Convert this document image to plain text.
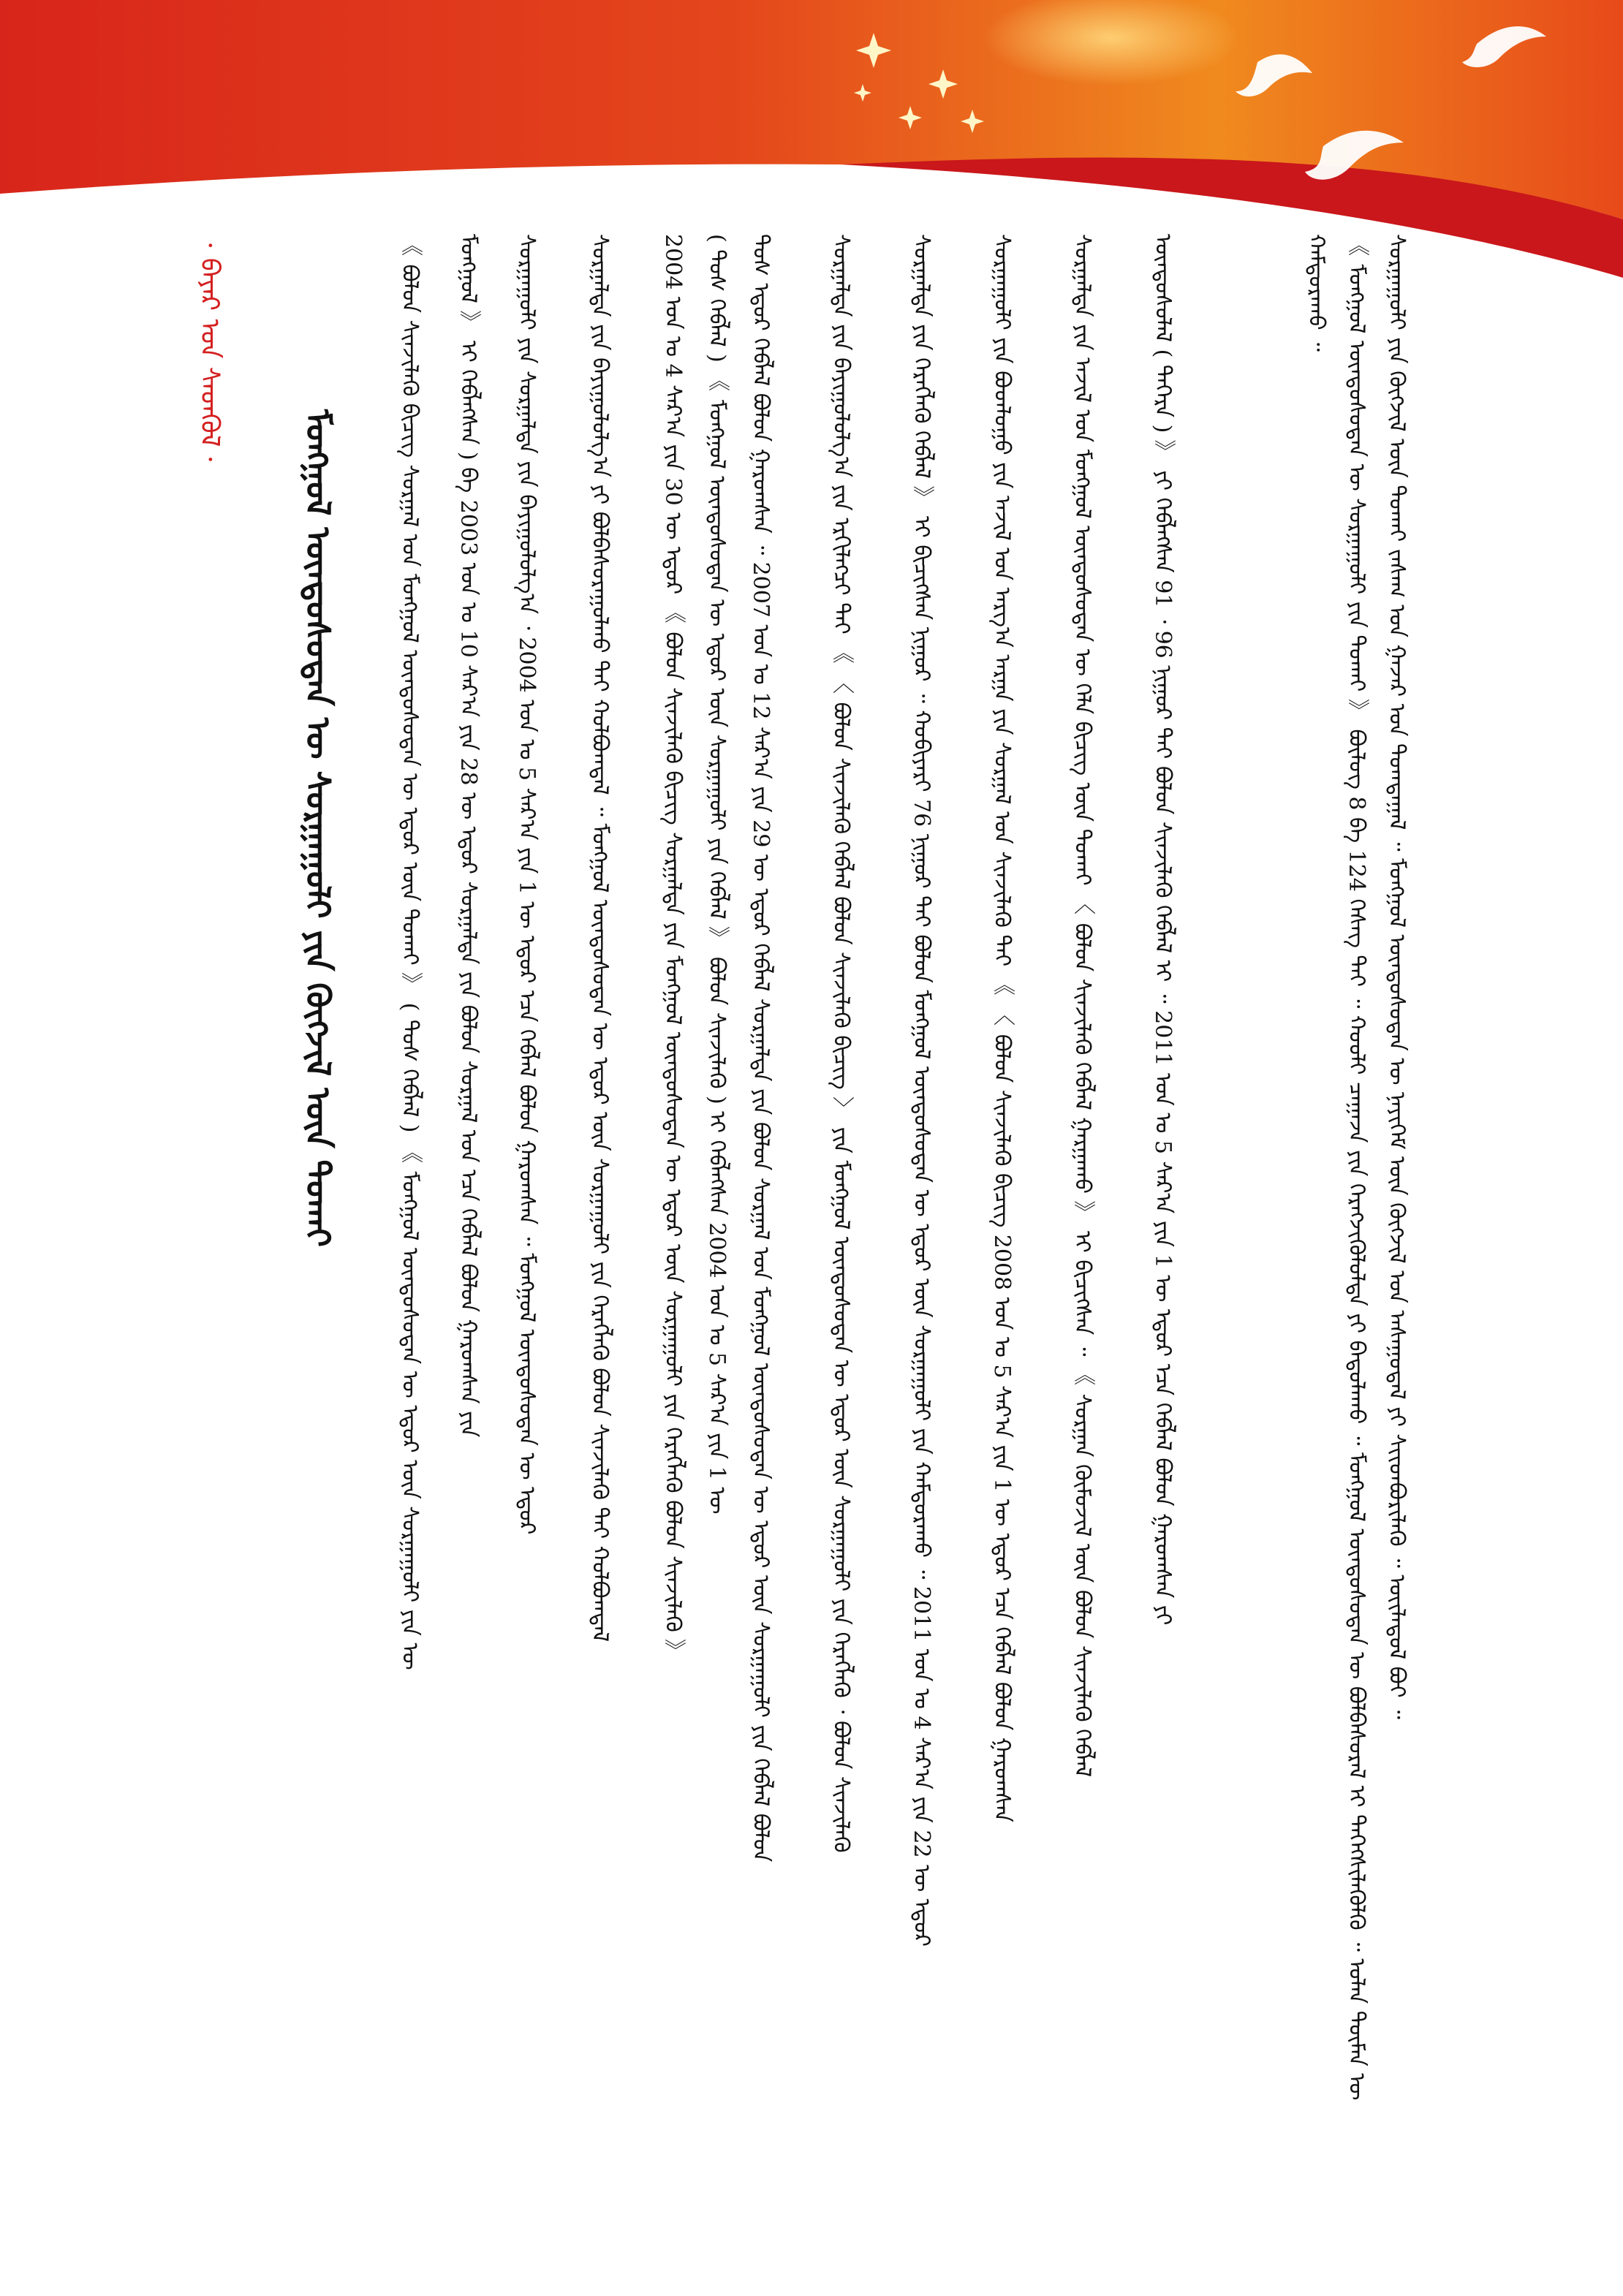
ᠰᠤᠷᠭᠠᠭᠤᠯᠢ ᠶᠢᠨ ᠬᠥᠭᠵᠢᠯ ᠦᠨ ᠲᠤᠬᠠᠢ ᠵᠠᠰᠠᠭ ᠤᠨ ᠭᠠᠵᠠᠷ ᠤᠨ ᠲᠤᠭᠳᠠᠭᠠᠯ ᠃ ᠮᠣᠩᠭᠣᠯ ᠦᠨᠳᠦᠰᠦᠲᠡᠨ ᠦ ᠨᠡᠶᠢᠭᠡᠮ ᠦᠨ ᠬᠥᠭᠵᠢᠯ ᠤᠨ ᠠᠰᠠᠭᠤᠳᠠᠯ ᠶᠢ ᠰᠢᠢᠳᠪᠦᠷᠢᠯᠡᠬᠦ ᠃ ᠦᠢᠯᠡᠳᠦᠯ ᠪᠤᠢ ᠃
《 ᠮᠣᠩᠭᠣᠯ ᠦᠨᠳᠦᠰᠦᠲᠡᠨ ᠦ ᠰᠤᠷᠭᠠᠭᠤᠯᠢ ᠶᠢᠨ ᠲᠤᠬᠠᠢ 》 ᠪᠦᠯᠦᠭ 8 ᠪᠠ 124 ᠬᠡᠰᠡᠭ ᠲᠠᠢ ᠃ ᠬᠤᠤᠯᠢ ᠴᠠᠭᠠᠵᠠ ᠶᠢᠨ ᠬᠡᠷᠡᠭᠵᠢᠭᠦᠯᠦᠯᠲᠡ ᠶᠢ ᠪᠠᠲᠤᠯᠠᠬᠤ ᠃ ᠮᠣᠩᠭᠣᠯ ᠦᠨᠳᠦᠰᠦᠲᠡᠨ ᠦ ᠪᠣᠯᠪᠠᠰᠤᠷᠠᠯ ᠢ ᠳᠡᠭᠡᠭᠰᠢᠯᠡᠭᠦᠯᠬᠦ ᠃ ᠣᠯᠠᠨ ᠲᠦᠮᠡᠨ ᠦ
ᠬᠠᠮᠲᠤᠷᠠᠬᠤ ᠃
ᠦᠨᠳᠦᠰᠦᠯᠡᠯ ( ᠳᠡᠭᠡᠷᠡ ) 》 ᠶᠢ ᠬᠡᠪᠯᠡᠭᠰᠡᠨ 91 ᠂ 96 ᠨᠢᠭᠤᠷ ᠲᠠᠢ ᠪᠣᠯᠤᠨ ᠰᠢᠨᠵᠢᠯᠡᠬᠦ ᠬᠡᠪᠯᠡᠯ ᠢ ᠃ 2011 ᠣᠨ ᠤ 5 ᠰᠠᠷ᠎ᠠ ᠶᠢᠨ 1 ᠦ ᠡᠳᠦᠷ ᠡᠴᠡ ᠬᠡᠪᠯᠡᠯ ᠪᠣᠯᠤᠨ ᠭᠠᠷᠤᠭᠰᠠᠨ ᠶᠢ
ᠰᠤᠷᠭᠠᠯᠲᠠ ᠶᠢᠨ ᠠᠵᠢᠯ ᠤᠨ ᠮᠣᠩᠭᠣᠯ ᠦᠨᠳᠦᠰᠦᠲᠡᠨ ᠦ ᠬᠡᠯᠡ ᠪᠢᠴᠢᠭ ᠦᠨ ᠲᠤᠬᠠᠢ 〈 ᠪᠣᠯᠤᠨ ᠰᠢᠨᠵᠢᠯᠡᠬᠦ ᠬᠡᠪᠯᠡᠯ ᠭᠠᠷᠭᠠᠬᠤ 》 ᠢ ᠪᠢᠴᠢᠭᠰᠡᠨ ᠃ 《 ᠰᠤᠷᠭᠠᠨ ᠬᠦᠮᠦᠵᠢᠯ ᠦᠨ ᠪᠣᠯᠤᠨ ᠰᠢᠨᠵᠢᠯᠡᠬᠦ ᠬᠡᠪᠯᠡᠯ
ᠰᠤᠷᠭᠠᠭᠤᠯᠢ ᠶᠢᠨ ᠪᠣᠳᠯᠣᠭᠣ ᠶᠢᠨ ᠠᠵᠢᠯ ᠤᠨ ᠠᠷᠭ᠎ᠠ ᠠᠷᠭᠠ ᠶᠢᠨ ᠰᠤᠷᠭᠠᠯ ᠤᠨ ᠰᠢᠨᠵᠢᠯᠡᠬᠦ ᠲᠠᠢ 《 〈 ᠪᠣᠯᠤᠨ ᠰᠢᠨᠵᠢᠯᠡᠬᠦ ᠪᠢᠴᠢᠭ 2008 ᠣᠨ ᠤ 5 ᠰᠠᠷ᠎ᠠ ᠶᠢᠨ 1 ᠦ ᠡᠳᠦᠷ ᠡᠴᠡ ᠬᠡᠪᠯᠡᠯ ᠪᠣᠯᠤᠨ ᠭᠠᠷᠤᠭᠰᠠᠨ
ᠰᠤᠷᠭᠠᠯᠲᠠ ᠶᠢᠨ ᠬᠡᠷᠡᠭᠯᠡᠬᠦ ᠬᠡᠪᠯᠡᠯ 》 ᠢ ᠪᠢᠴᠢᠭᠰᠡᠨ ᠨᠢᠭᠤᠷ ᠃ ᠬᠤᠪᠢᠶᠠᠷᠢ 76 ᠨᠢᠭᠤᠷ ᠲᠠᠢ ᠪᠣᠯᠤᠨ ᠮᠣᠩᠭᠣᠯ ᠦᠨᠳᠦᠰᠦᠲᠡᠨ ᠦ ᠡᠳᠦᠷ ᠦᠨ ᠰᠤᠷᠭᠠᠭᠤᠯᠢ ᠶᠢᠨ ᠬᠠᠮᠲᠤᠷᠠᠬᠤ ᠃ 2011 ᠣᠨ ᠤ 4 ᠰᠠᠷ᠎ᠠ ᠶᠢᠨ 22 ᠦ ᠡᠳᠦᠷ
ᠰᠤᠷᠭᠠᠯᠲᠠ ᠶᠢᠨ ᠪᠠᠶᠢᠭᠤᠯᠤᠯᠭ᠎ᠠ ᠶᠢᠨ ᠡᠷᠬᠢᠯᠡᠭᠴᠢ ᠲᠠᠢ 《 〈 ᠪᠣᠯᠤᠨ ᠰᠢᠨᠵᠢᠯᠡᠬᠦ ᠬᠡᠪᠯᠡᠯ ᠪᠣᠯᠤᠨ ᠰᠢᠨᠵᠢᠯᠡᠬᠦ ᠪᠢᠴᠢᠭ 〉 ᠶᠢᠨ ᠮᠣᠩᠭᠣᠯ ᠦᠨᠳᠦᠰᠦᠲᠡᠨ ᠦ ᠡᠳᠦᠷ ᠦᠨ ᠰᠤᠷᠭᠠᠭᠤᠯᠢ ᠶᠢᠨ ᠬᠡᠷᠡᠭᠯᠡᠬᠦ ᠂ ᠪᠣᠯᠤᠨ ᠰᠢᠨᠵᠢᠯᠡᠬᠦ
ᠲᠤᠰ ᠡᠳᠦᠷ ᠬᠡᠪᠯᠡᠯ ᠪᠣᠯᠤᠨ ᠭᠠᠷᠤᠭᠰᠠᠨ ᠃ 2007 ᠣᠨ ᠤ 12 ᠰᠠᠷ᠎ᠠ ᠶᠢᠨ 29 ᠦ ᠡᠳᠦᠷ ᠬᠡᠪᠯᠡᠯ ᠰᠤᠷᠭᠠᠯᠲᠠ ᠶᠢᠨ ᠪᠣᠯᠤᠨ ᠰᠤᠷᠭᠠᠯ ᠤᠨ ᠮᠣᠩᠭᠣᠯ ᠦᠨᠳᠦᠰᠦᠲᠡᠨ ᠦ ᠡᠳᠦᠷ ᠦᠨ ᠰᠤᠷᠭᠠᠭᠤᠯᠢ ᠶᠢᠨ ᠬᠡᠪᠯᠡᠯ ᠪᠣᠯᠤᠨ
( ᠲᠤᠰ ᠬᠡᠪᠯᠡᠯ ) 《 ᠮᠣᠩᠭᠣᠯ ᠦᠨᠳᠦᠰᠦᠲᠡᠨ ᠦ ᠡᠳᠦᠷ ᠦᠨ ᠰᠤᠷᠭᠠᠭᠤᠯᠢ ᠶᠢᠨ ᠬᠡᠪᠯᠡᠯ 》 ᠪᠣᠯᠤᠨ ᠰᠢᠨᠵᠢᠯᠡᠬᠦ ) ᠢ ᠬᠡᠪᠯᠡᠭᠰᠡᠨ 2004 ᠣᠨ ᠤ 5 ᠰᠠᠷ᠎ᠠ ᠶᠢᠨ 1 ᠦ
2004 ᠣᠨ ᠤ 4 ᠰᠠᠷ᠎ᠠ ᠶᠢᠨ 30 ᠦ ᠡᠳᠦᠷ 《 ᠪᠣᠯᠤᠨ ᠰᠢᠨᠵᠢᠯᠡᠬᠦ ᠪᠢᠴᠢᠭ ᠰᠤᠷᠭᠠᠯᠲᠠ ᠶᠢᠨ ᠮᠣᠩᠭᠣᠯ ᠦᠨᠳᠦᠰᠦᠲᠡᠨ ᠦ ᠡᠳᠦᠷ ᠦᠨ ᠰᠤᠷᠭᠠᠭᠤᠯᠢ ᠶᠢᠨ ᠬᠡᠷᠡᠭᠯᠡᠬᠦ ᠪᠣᠯᠤᠨ ᠰᠢᠨᠵᠢᠯᠡᠬᠦ 》
ᠰᠤᠷᠭᠠᠯᠲᠠ ᠶᠢᠨ ᠪᠠᠶᠢᠭᠤᠯᠤᠯᠭ᠎ᠠ ᠶᠢ ᠪᠣᠯᠪᠠᠰᠤᠷᠠᠭᠤᠯᠬᠤ ᠲᠠᠢ ᠬᠣᠯᠪᠣᠭᠳᠠᠯ ᠃ ᠮᠣᠩᠭᠣᠯ ᠦᠨᠳᠦᠰᠦᠲᠡᠨ ᠦ ᠡᠳᠦᠷ ᠦᠨ ᠰᠤᠷᠭᠠᠭᠤᠯᠢ ᠶᠢᠨ ᠬᠡᠷᠡᠭᠯᠡᠬᠦ ᠪᠣᠯᠤᠨ ᠰᠢᠨᠵᠢᠯᠡᠬᠦ ᠲᠠᠢ ᠬᠣᠯᠪᠣᠭᠳᠠᠯ
ᠰᠤᠷᠭᠠᠭᠤᠯᠢ ᠶᠢᠨ ᠰᠤᠷᠭᠠᠯᠲᠠ ᠶᠢᠨ ᠪᠠᠶᠢᠭᠤᠯᠤᠯᠭ᠎ᠠ ᠂ 2004 ᠣᠨ ᠤ 5 ᠰᠠᠷ᠎ᠠ ᠶᠢᠨ 1 ᠦ ᠡᠳᠦᠷ ᠡᠴᠡ ᠬᠡᠪᠯᠡᠯ ᠪᠣᠯᠤᠨ ᠭᠠᠷᠤᠭᠰᠠᠨ ᠃ ᠮᠣᠩᠭᠣᠯ ᠦᠨᠳᠦᠰᠦᠲᠡᠨ ᠦ ᠡᠳᠦᠷ
ᠮᠣᠩᠭᠣᠯ 》 ᠢ ᠬᠡᠪᠯᠡᠭᠰᠡᠨ ) ᠪᠠ 2003 ᠣᠨ ᠤ 10 ᠰᠠᠷ᠎ᠠ ᠶᠢᠨ 28 ᠦ ᠡᠳᠦᠷ ᠰᠤᠷᠭᠠᠯᠲᠠ ᠶᠢᠨ ᠪᠣᠯᠤᠨ ᠰᠤᠷᠭᠠᠯ ᠤᠨ ᠡᠴᠡ ᠬᠡᠪᠯᠡᠯ ᠪᠣᠯᠤᠨ ᠭᠠᠷᠤᠭᠰᠠᠨ ᠶᠢᠨ
《 ᠪᠣᠯᠤᠨ ᠰᠢᠨᠵᠢᠯᠡᠬᠦ ᠪᠢᠴᠢᠭ ᠰᠤᠷᠭᠠᠯ ᠤᠨ ᠮᠣᠩᠭᠣᠯ ᠦᠨᠳᠦᠰᠦᠲᠡᠨ ᠦ ᠡᠳᠦᠷ ᠦᠨ ᠲᠤᠬᠠᠢ 》 ( ᠲᠤᠰ ᠬᠡᠪᠯᠡᠯ ) 《 ᠮᠣᠩᠭᠣᠯ ᠦᠨᠳᠦᠰᠦᠲᠡᠨ ᠦ ᠡᠳᠦᠷ ᠦᠨ ᠰᠤᠷᠭᠠᠭᠤᠯᠢ ᠶᠢᠨ ᠦ
ᠮᠣᠩᠭᠣᠯ ᠦᠨᠳᠦᠰᠦᠲᠡᠨ ᠦ ᠰᠤᠷᠭᠠᠭᠤᠯᠢ ᠶᠢᠨ ᠬᠥᠭᠵᠢᠯ ᠦᠨ ᠲᠤᠬᠠᠢ
· ᠪᠠᠶᠠᠷ ᠤᠨ ᠰᠡᠳᠬᠦᠯ ·
